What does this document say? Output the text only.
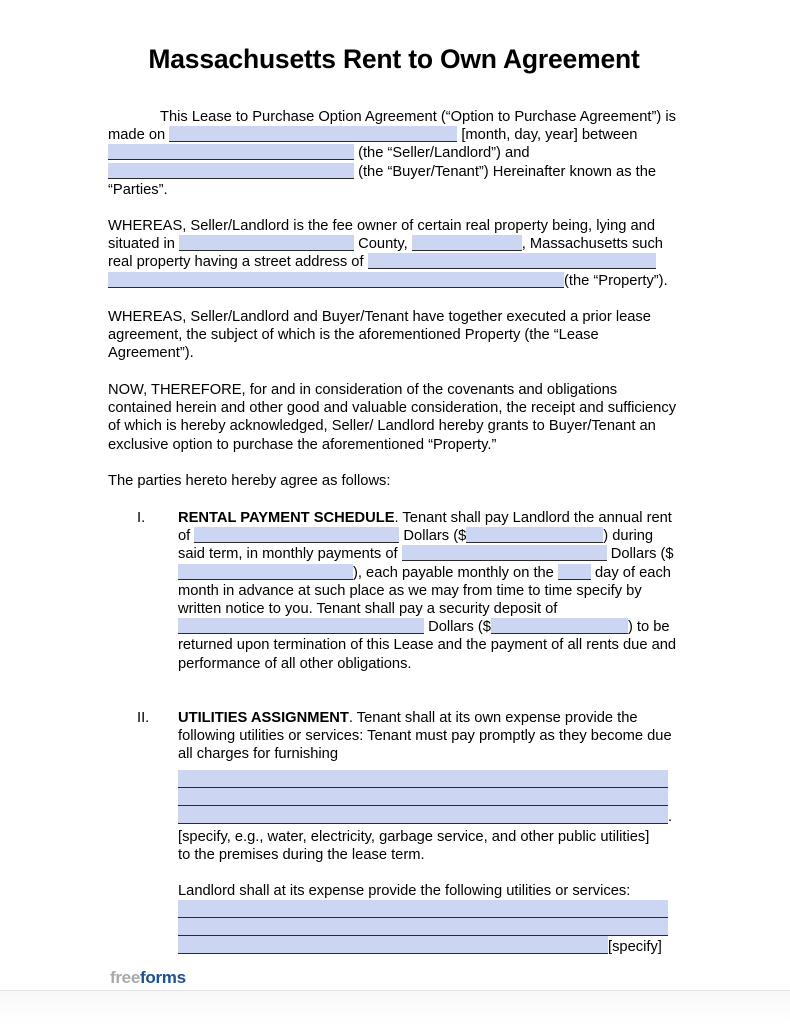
Massachusetts Rent to Own Agreement
This Lease to Purchase Option Agreement (“Option to Purchase Agreement”) is made on	[month, day, year] between  (the “Seller/Landlord”) and  (the “Buyer/Tenant”) Hereinafter known as the “Parties”.
WHEREAS, Seller/Landlord is the fee owner of certain real property being, lying and situated in	County,	, Massachusetts such real property having a street address of (the “Property”).
WHEREAS, Seller/Landlord and Buyer/Tenant have together executed a prior lease agreement, the subject of which is the aforementioned Property (the “Lease Agreement”).
NOW, THEREFORE, for and in consideration of the covenants and obligations contained herein and other good and valuable consideration, the receipt and sufficiency of which is hereby acknowledged, Seller/ Landlord hereby grants to Buyer/Tenant an exclusive option to purchase the aforementioned “Property.”
The parties hereto hereby agree as follows:
I. RENTAL PAYMENT SCHEDULE. Tenant shall pay Landlord the annual rent of	Dollars ($	) during said term, in monthly payments of	Dollars ($), each payable monthly on the  day of each month in advance at such place as we may from time to time specify by written notice to you. Tenant shall pay a security deposit of  Dollars ($	) to be returned upon termination of this Lease and the payment of all rents due and performance of all other obligations.
II. UTILITIES ASSIGNMENT. Tenant shall at its own expense provide the following utilities or services: Tenant must pay promptly as they become due all charges for furnishing
.
[specify, e.g., water, electricity, garbage service, and other public utilities]
to the premises during the lease term.
Landlord shall at its expense provide the following utilities or services:
[specify]
freeforms
